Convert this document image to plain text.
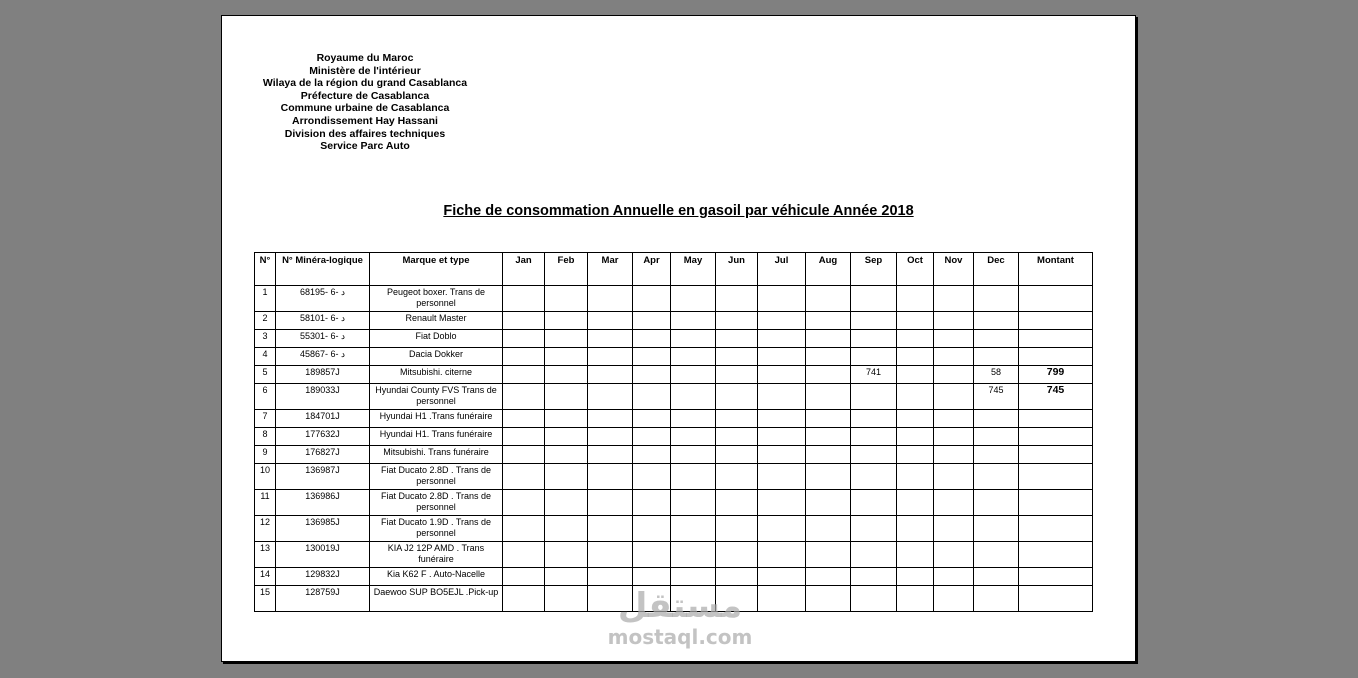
Royaume du Maroc
Ministère de l'intérieur
Wilaya de la région du grand Casablanca
Préfecture de Casablanca
Commune urbaine de Casablanca
Arrondissement Hay Hassani
Division des affaires techniques
Service Parc Auto
Fiche de consommation Annuelle en gasoil par véhicule Année 2018
N°	N° Minéra-logique	Marque et type	Jan	Feb	Mar	Apr	May	Jun	Jul	Aug	Sep	Oct	Nov	Dec	Montant
1	68195- 6- د	Peugeot boxer. Trans de personnel													
2	58101- 6- د	Renault Master													
3	55301- 6- د	Fiat Doblo													
4	45867- 6- د	Dacia Dokker													
5	189857J	Mitsubishi. citerne									741			58	799
6	189033J	Hyundai County FVS Trans de personnel												745	745
7	184701J	Hyundai H1 .Trans funéraire													
8	177632J	Hyundai H1. Trans funéraire													
9	176827J	Mitsubishi. Trans funéraire													
10	136987J	Fiat Ducato 2.8D . Trans de personnel													
11	136986J	Fiat Ducato 2.8D . Trans de personnel													
12	136985J	Fiat Ducato 1.9D . Trans de personnel													
13	130019J	KIA J2 12P AMD . Trans funéraire													
14	129832J	Kia K62 F . Auto-Nacelle													
15	128759J	Daewoo SUP BO5EJL .Pick-up														مستقل
mostaql.com
